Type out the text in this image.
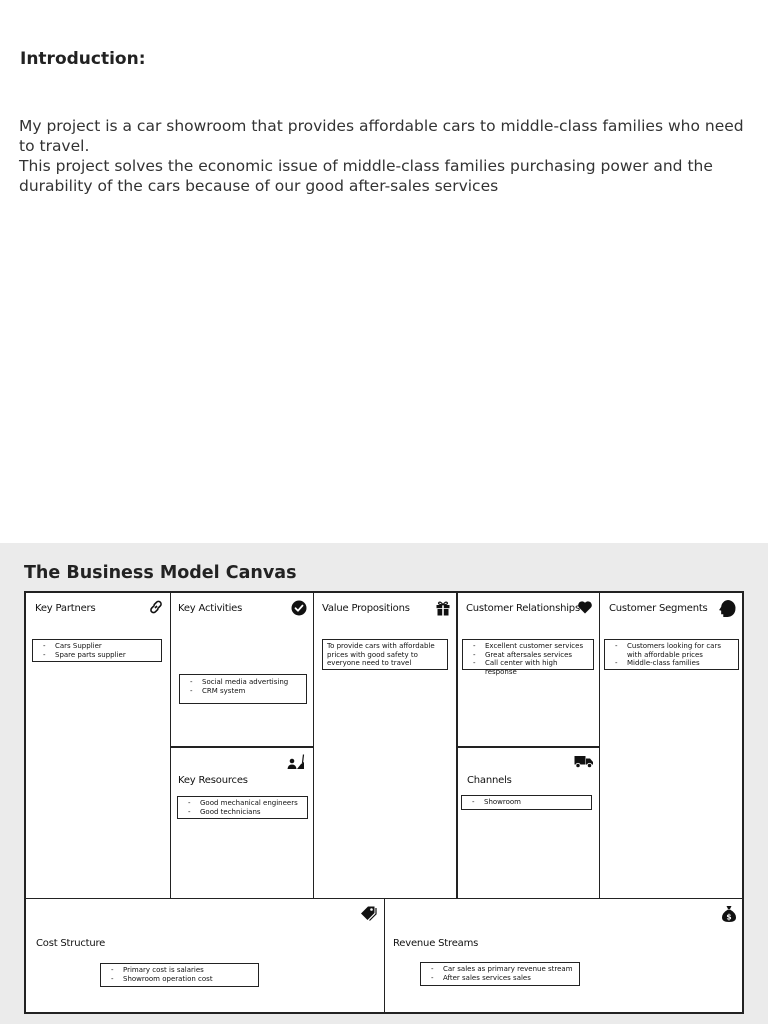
Introduction:

My project is a car showroom that provides affordable cars to middle-class families who need to travel.

This project solves the economic issue of middle-class families purchasing power and the durability of the cars because of our good after-sales services

The Business Model Canvas
Key Partners
- Cars Supplier
- Spare parts supplier
Key Activities
- Social media advertising
- CRM system
Key Resources
- Good mechanical engineers
- Good technicians
Value Propositions
To provide cars with affordable prices with good safety to everyone need to travel
Customer Relationships
- Excellent customer services
- Great aftersales services
- Call center with high response
Channels
- Showroom
Customer Segments
- Customers looking for cars with affordable prices
- Middle-class families
Cost Structure
- Primary cost is salaries
- Showroom operation cost
$
Revenue Streams
- Car sales as primary revenue stream
- After sales services sales
